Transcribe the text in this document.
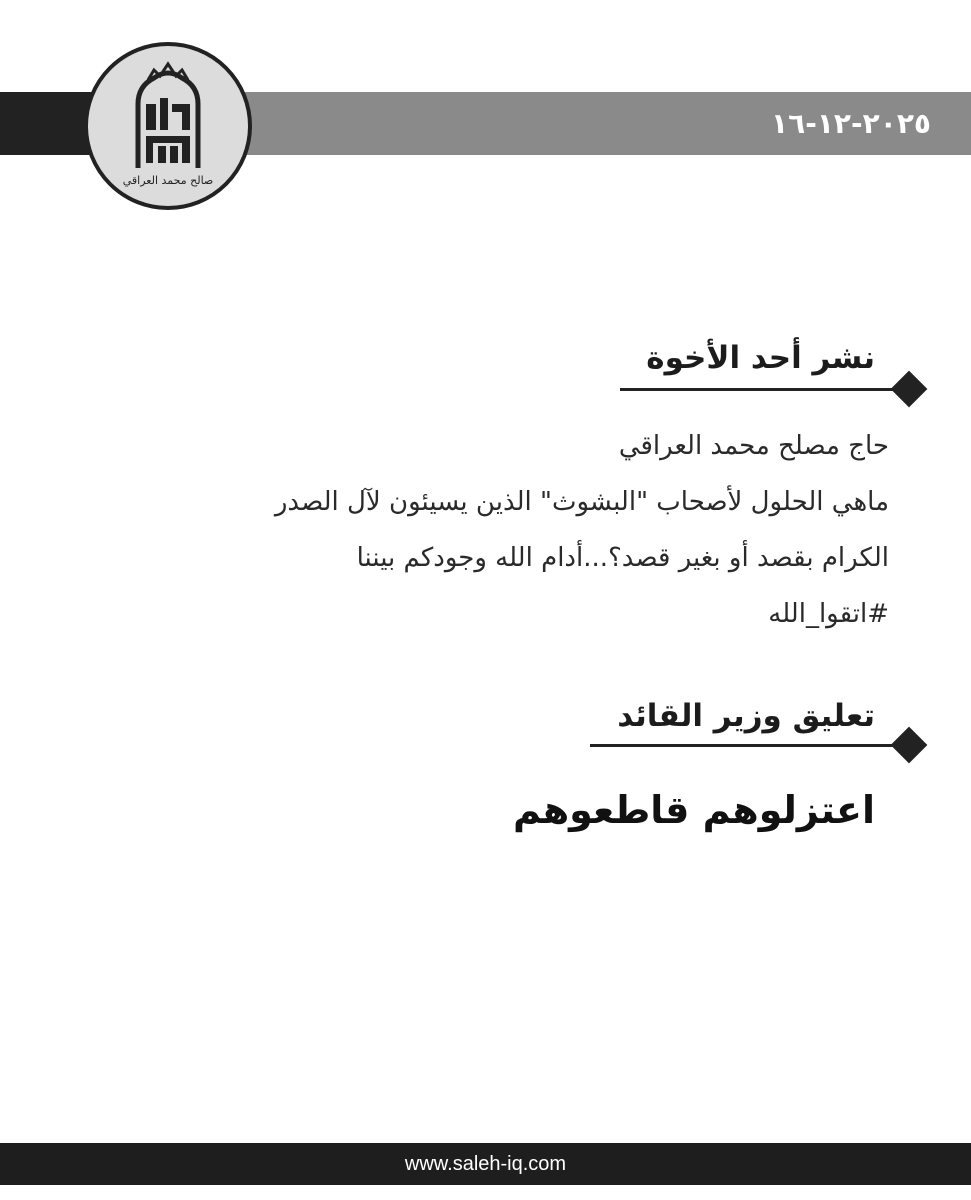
٢٠٢٥-١٢-١٦
صالح محمد العراقي
نشر أحد الأخوة
حاج مصلح محمد العراقي
ماهي الحلول لأصحاب "البشوث" الذين يسيئون لآل الصدر
الكرام بقصد أو بغير قصد؟...أدام الله وجودكم بيننا
#اتقوا_الله
تعليق وزير القائد
اعتزلوهم قاطعوهم
www.saleh-iq.com
